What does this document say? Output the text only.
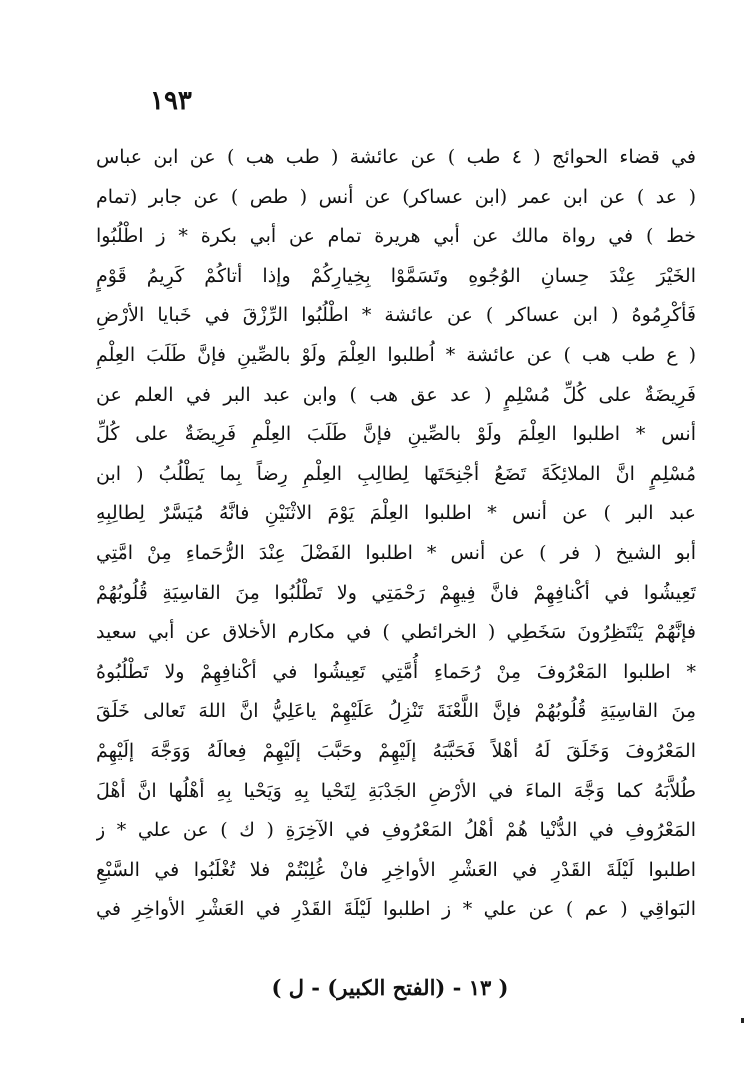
١٩٣
في قضاء الحوائج ( ٤ طب ) عن عائشة ( طب هب ) عن ابن عباس
( عد ) عن ابن عمر (ابن عساكر) عن أنس ( طص ) عن جابر (تمام
خط ) في رواة مالك عن أبي هريرة تمام عن أبي بكرة * ز اطْلُبُوا
الخَيْرَ عِنْدَ حِسانِ الوُجُوهِ وتَسَمَّوْا بِخِيارِكُمْ وإذا أتاكُمْ كَرِيمُ قَوْمٍ
فَأكْرِمُوهُ ( ابن عساكر ) عن عائشة * اطْلُبُوا الرِّزْقَ في خَبايا الأرْضِ
( ع طب هب ) عن عائشة * اُطلبوا العِلْمَ ولَوْ بالصِّينِ فإنَّ طَلَبَ العِلْمِ
فَرِيضَةٌ على كُلِّ مُسْلِمٍ ( عد عق هب ) وابن عبد البر في العلم عن
أنس * اطلبوا العِلْمَ ولَوْ بالصِّينِ فإنَّ طَلَبَ العِلْمِ فَرِيضَةٌ على كُلِّ
مُسْلِمٍ انَّ الملائِكَةَ تَضَعُ أجْنِحَتَها لِطالِبِ العِلْمِ رِضاً بِما يَطْلُبُ ( ابن
عبد البر ) عن أنس * اطلبوا العِلْمَ يَوْمَ الاثْنَيْنِ فانَّهُ مُيَسَّرٌ لِطالِبِهِ
أبو الشيخ ( فر ) عن أنس * اطلبوا الفَضْلَ عِنْدَ الرُّحَماءِ مِنْ امَّتِي
تَعِيشُوا في أكْنافِهِمْ فانَّ فِيهِمْ رَحْمَتِي ولا تَطْلُبُوا مِنَ القاسِيَةِ قُلُوبُهُمْ
فإنَّهُمْ يَنْتَظِرُونَ سَخَطِي ( الخرائطي ) في مكارم الأخلاق عن أبي سعيد
* اطلبوا المَعْرُوفَ مِنْ رُحَماءِ أُمَّتِي تَعِيشُوا في أكْنافِهِمْ ولا تَطْلُبُوهُ
مِنَ القاسِيَةِ قُلُوبُهُمْ فإنَّ اللَّعْنَةَ تَنْزِلُ عَلَيْهِمْ ياعَلِيُّ انَّ اللهَ تَعالى خَلَقَ
المَعْرُوفَ وَخَلَقَ لَهُ أهْلاً فَحَبَّبَهُ إلَيْهِمْ وحَبَّبَ إلَيْهِمْ فِعالَهُ وَوَجَّهَ إلَيْهِمْ
طُلاَّبَهُ كما وَجَّهَ الماءَ في الأرْضِ الجَدْبَةِ لِتَحْيا بِهِ وَيَحْيا بِهِ أهْلُها انَّ أهْلَ
المَعْرُوفِ في الدُّنْيا هُمْ أهْلُ المَعْرُوفِ في الآخِرَةِ ( ك ) عن علي * ز
اطلبوا لَيْلَةَ القَدْرِ في العَشْرِ الأواخِرِ فانْ غُلِبْتُمْ فلا تُغْلَبُوا في السَّبْعِ
البَواقِي ( عم ) عن علي * ز اطلبوا لَيْلَةَ القَدْرِ في العَشْرِ الأواخِرِ في
( ١٣ - (الفتح الكبير) - ل )
